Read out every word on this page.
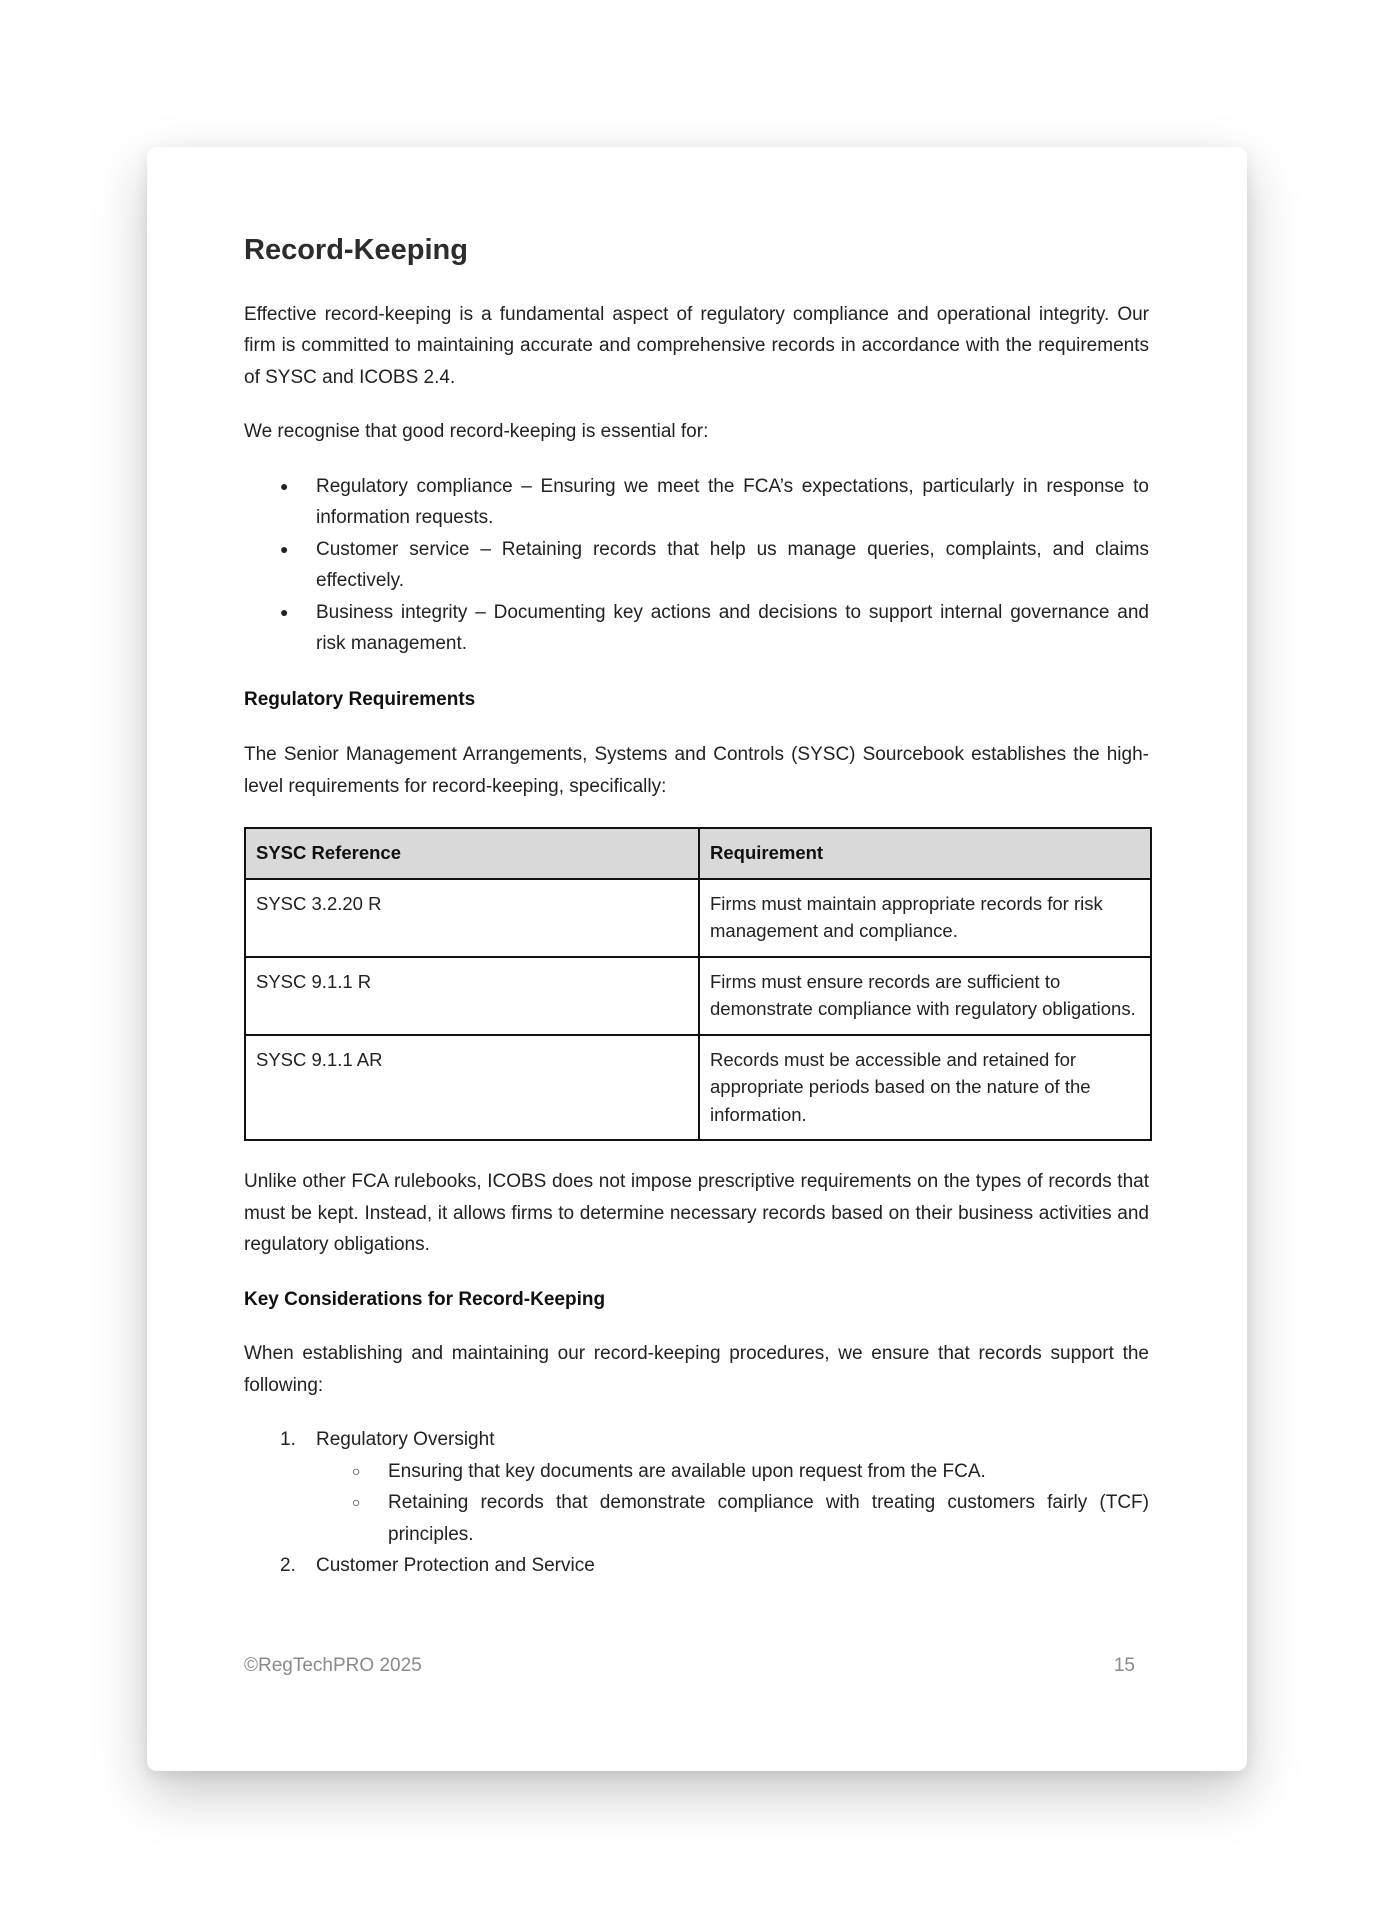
Record-Keeping

Effective record-keeping is a fundamental aspect of regulatory compliance and operational integrity. Our firm is committed to maintaining accurate and comprehensive records in accordance with the requirements of SYSC and ICOBS 2.4.

We recognise that good record-keeping is essential for:

● Regulatory compliance – Ensuring we meet the FCA’s expectations, particularly in response to information requests.
● Customer service – Retaining records that help us manage queries, complaints, and claims effectively.
● Business integrity – Documenting key actions and decisions to support internal governance and risk management.
Regulatory Requirements

The Senior Management Arrangements, Systems and Controls (SYSC) Sourcebook establishes the high-level requirements for record-keeping, specifically:

SYSC Reference	Requirement
SYSC 3.2.20 R	Firms must maintain appropriate records for risk management and compliance.
SYSC 9.1.1 R	Firms must ensure records are sufficient to demonstrate compliance with regulatory obligations.
SYSC 9.1.1 AR	Records must be accessible and retained for appropriate periods based on the nature of the information.

Unlike other FCA rulebooks, ICOBS does not impose prescriptive requirements on the types of records that must be kept. Instead, it allows firms to determine necessary records based on their business activities and regulatory obligations.

Key Considerations for Record-Keeping

When establishing and maintaining our record-keeping procedures, we ensure that records support the following:

1. Regulatory Oversight
○ Ensuring that key documents are available upon request from the FCA.
○ Retaining records that demonstrate compliance with treating customers fairly (TCF) principles.
2. Customer Protection and Service
©RegTechPRO 2025	15
